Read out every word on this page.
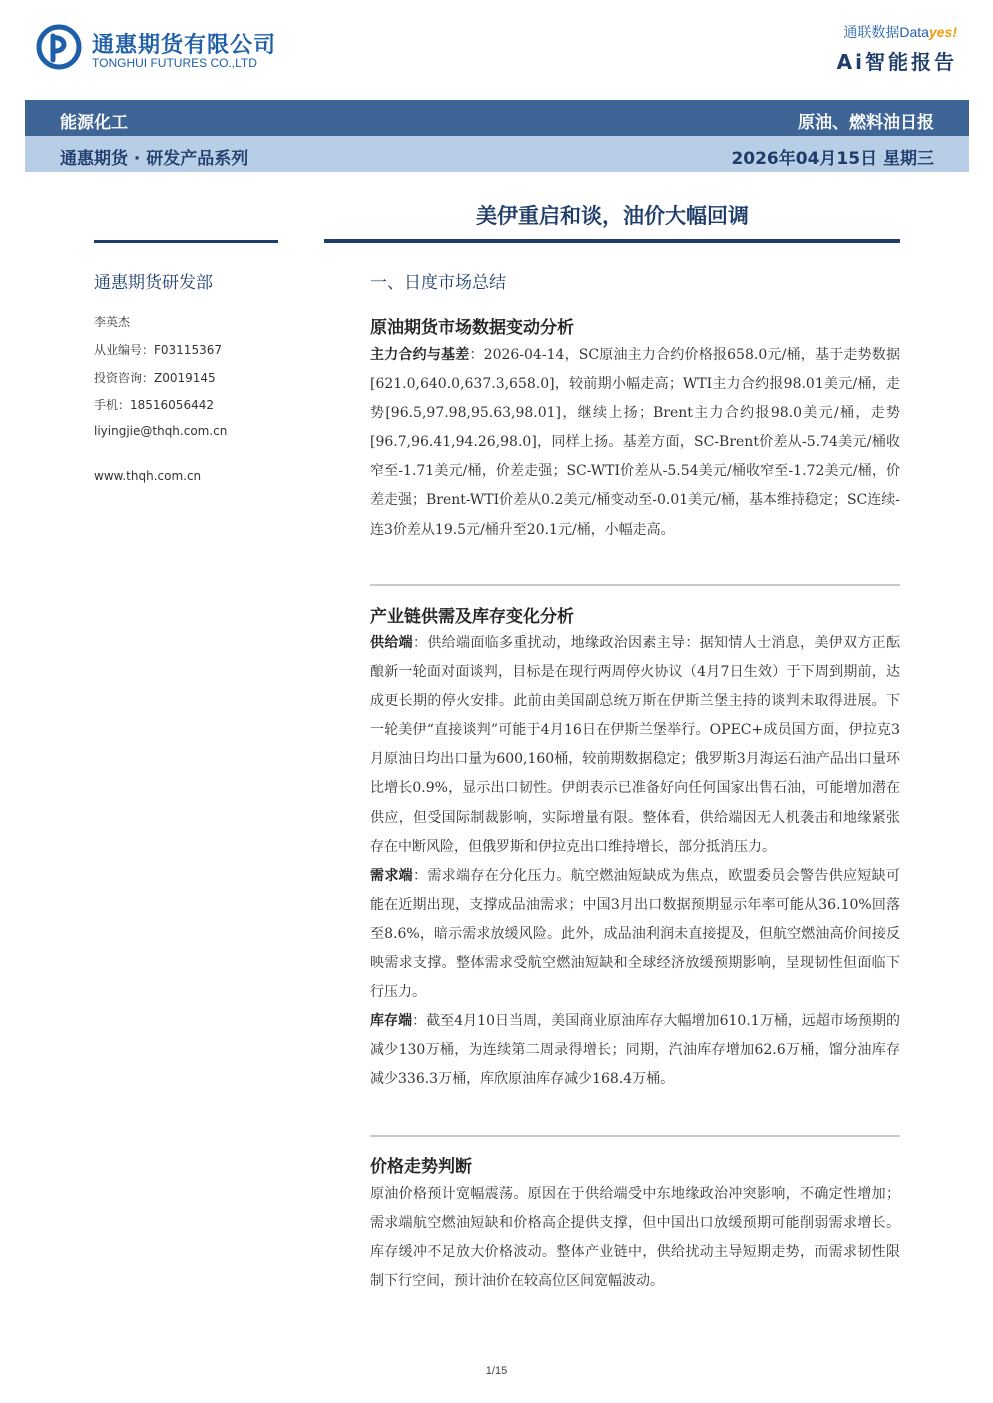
通惠期货有限公司
TONGHUI FUTURES CO.,LTD
通联数据Datayes!
Ai智能报告
能源化工	原油、燃料油日报
通惠期货 · 研发产品系列	2026年04月15日 星期三
美伊重启和谈，油价大幅回调
通惠期货研发部
李英杰
从业编号：F03115367
投资咨询：Z0019145
手机：18516056442
liyingjie@thqh.com.cn
www.thqh.com.cn
一、日度市场总结
原油期货市场数据变动分析

主力合约与基差：2026-04-14，SC原油主力合约价格报658.0元/桶，基于走势数据[621.0,640.0,637.3,658.0]，较前期小幅走高；WTI主力合约报98.01美元/桶，走势[96.5,97.98,95.63,98.01]，继续上扬；Brent主力合约报98.0美元/桶，走势[96.7,96.41,94.26,98.0]，同样上扬。基差方面，SC-Brent价差从-5.74美元/桶收窄至-1.71美元/桶，价差走强；SC-WTI价差从-5.54美元/桶收窄至-1.72美元/桶，价差走强；Brent-WTI价差从0.2美元/桶变动至-0.01美元/桶，基本维持稳定；SC连续-连3价差从19.5元/桶升至20.1元/桶，小幅走高。

产业链供需及库存变化分析

供给端：供给端面临多重扰动，地缘政治因素主导：据知情人士消息，美伊双方正酝酿新一轮面对面谈判，目标是在现行两周停火协议（4月7日生效）于下周到期前，达成更长期的停火安排。此前由美国副总统万斯在伊斯兰堡主持的谈判未取得进展。下一轮美伊“直接谈判”可能于4月16日在伊斯兰堡举行。OPEC+成员国方面，伊拉克3月原油日均出口量为600,160桶，较前期数据稳定；俄罗斯3月海运石油产品出口量环比增长0.9%，显示出口韧性。伊朗表示已准备好向任何国家出售石油，可能增加潜在供应，但受国际制裁影响，实际增量有限。整体看，供给端因无人机袭击和地缘紧张存在中断风险，但俄罗斯和伊拉克出口维持增长，部分抵消压力。

需求端：需求端存在分化压力。航空燃油短缺成为焦点，欧盟委员会警告供应短缺可能在近期出现，支撑成品油需求；中国3月出口数据预期显示年率可能从36.10%回落至8.6%，暗示需求放缓风险。此外，成品油利润未直接提及，但航空燃油高价间接反映需求支撑。整体需求受航空燃油短缺和全球经济放缓预期影响，呈现韧性但面临下行压力。

库存端：截至4月10日当周，美国商业原油库存大幅增加610.1万桶，远超市场预期的减少130万桶，为连续第二周录得增长；同期，汽油库存增加62.6万桶，馏分油库存减少336.3万桶，库欣原油库存减少168.4万桶。

价格走势判断

原油价格预计宽幅震荡。原因在于供给端受中东地缘政治冲突影响，不确定性增加；需求端航空燃油短缺和价格高企提供支撑，但中国出口放缓预期可能削弱需求增长。库存缓冲不足放大价格波动。整体产业链中，供给扰动主导短期走势，而需求韧性限制下行空间，预计油价在较高位区间宽幅波动。

1/15
